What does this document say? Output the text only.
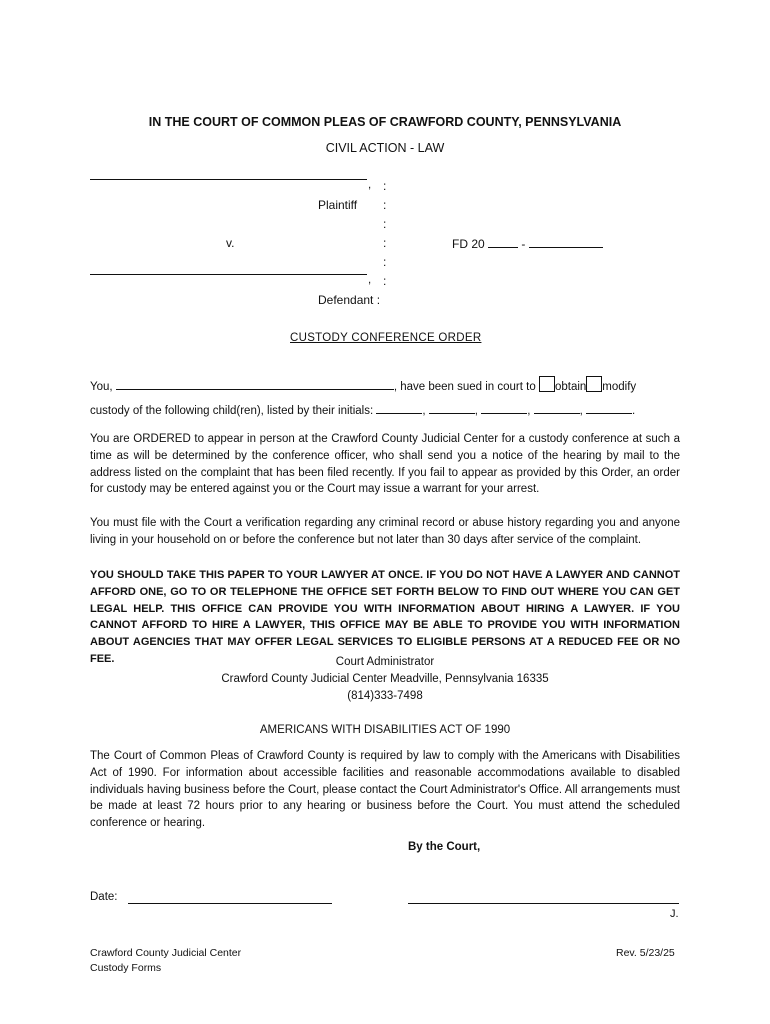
IN THE COURT OF COMMON PLEAS OF CRAWFORD COUNTY, PENNSYLVANIA
CIVIL ACTION - LAW
, :
Plaintiff :
:
v.	:	FD 20	-
:
, :
Defendant :
CUSTODY CONFERENCE ORDER
You,	, have been sued in court to obtain modify
custody of the following child(ren), listed by their initials:	,	,	,	,	.
You are ORDERED to appear in person at the Crawford County Judicial Center for a custody conference at such a time as will be determined by the conference officer, who shall send you a notice of the hearing by mail to the address listed on the complaint that has been filed recently. If you fail to appear as provided by this Order, an order for custody may be entered against you or the Court may issue a warrant for your arrest.
You must file with the Court a verification regarding any criminal record or abuse history regarding you and anyone living in your household on or before the conference but not later than 30 days after service of the complaint.
YOU SHOULD TAKE THIS PAPER TO YOUR LAWYER AT ONCE. IF YOU DO NOT HAVE A LAWYER AND CANNOT AFFORD ONE, GO TO OR TELEPHONE THE OFFICE SET FORTH BELOW TO FIND OUT WHERE YOU CAN GET LEGAL HELP. THIS OFFICE CAN PROVIDE YOU WITH INFORMATION ABOUT HIRING A LAWYER. IF YOU CANNOT AFFORD TO HIRE A LAWYER, THIS OFFICE MAY BE ABLE TO PROVIDE YOU WITH INFORMATION ABOUT AGENCIES THAT MAY OFFER LEGAL SERVICES TO ELIGIBLE PERSONS AT A REDUCED FEE OR NO FEE.	Court Administrator
Crawford County Judicial Center Meadville, Pennsylvania 16335
(814)333-7498
AMERICANS WITH DISABILITIES ACT OF 1990
The Court of Common Pleas of Crawford County is required by law to comply with the Americans with Disabilities Act of 1990. For information about accessible facilities and reasonable accommodations available to disabled individuals having business before the Court, please contact the Court Administrator's Office. All arrangements must be made at least 72 hours prior to any hearing or business before the Court. You must attend the scheduled conference or hearing.
By the Court,
Date:
J.
Crawford County Judicial Center
Custody Forms
Rev. 5/23/25
